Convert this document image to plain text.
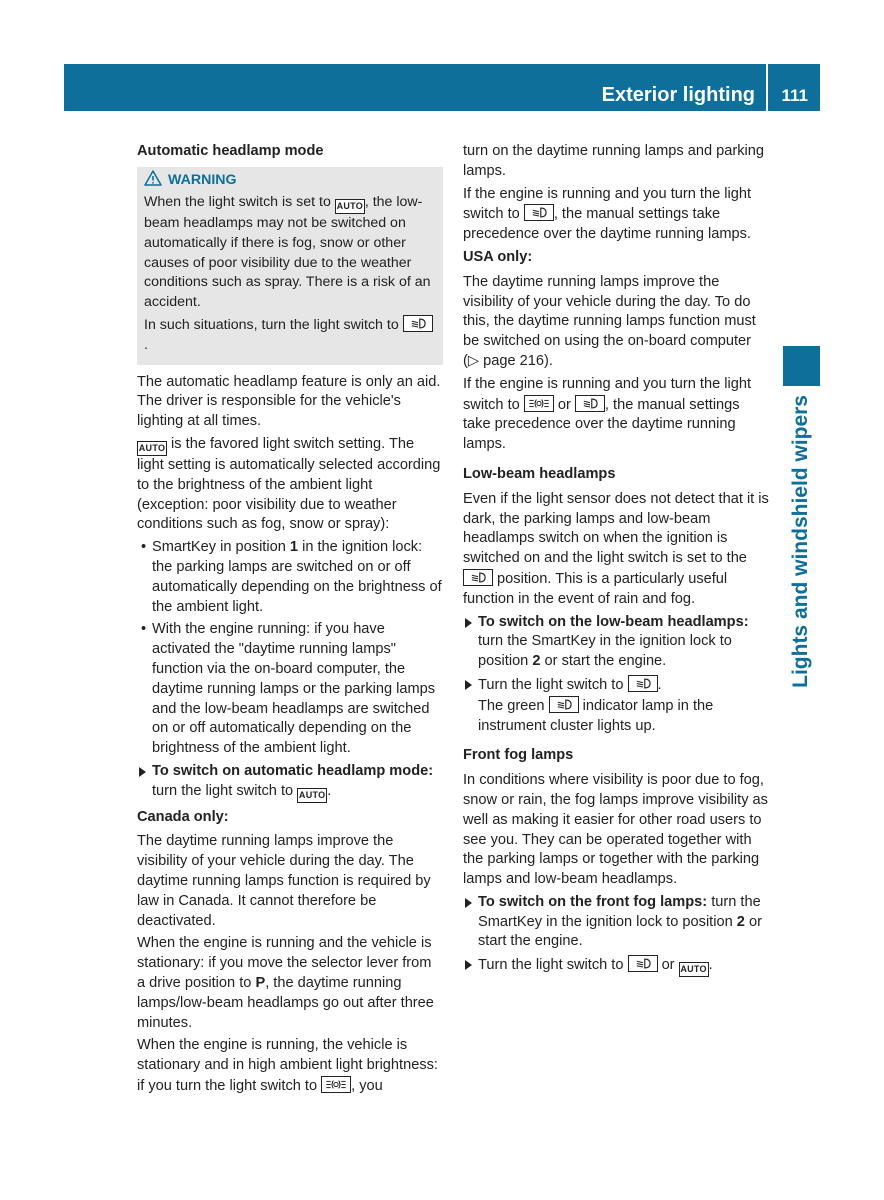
Exterior lighting 111
Lights and windshield wipers

Automatic headlamp mode

WARNING

When the light switch is set to AUTO , the low-beam headlamps may not be switched on automatically if there is fog, snow or other causes of poor visibility due to the weather conditions such as spray. There is a risk of an accident.

In such situations, turn the light switch to
.

The automatic headlamp feature is only an aid. The driver is responsible for the vehicle's lighting at all times.

AUTO is the favored light switch setting. The light setting is automatically selected according to the brightness of the ambient light (exception: poor visibility due to weather conditions such as fog, snow or spray):

• SmartKey in position 1 in the ignition lock: the parking lamps are switched on or off automatically depending on the brightness of the ambient light.
• With the engine running: if you have activated the "daytime running lamps" function via the on-board computer, the daytime running lamps or the parking lamps and the low-beam headlamps are switched on or off automatically depending on the brightness of the ambient light.
To switch on automatic headlamp mode: turn the light switch to AUTO .

Canada only:

The daytime running lamps improve the visibility of your vehicle during the day. The daytime running lamps function is required by law in Canada. It cannot therefore be deactivated.

When the engine is running and the vehicle is stationary: if you move the selector lever from a drive position to P, the daytime running lamps/low-beam headlamps go out after three minutes.

When the engine is running, the vehicle is stationary and in high ambient light brightness: if you turn the light switch to
, you

turn on the daytime running lamps and parking lamps.

If the engine is running and you turn the light switch to
, the manual settings take precedence over the daytime running lamps.

USA only:

The daytime running lamps improve the visibility of your vehicle during the day. To do this, the daytime running lamps function must be switched on using the on-board computer (▷ page 216).

If the engine is running and you turn the light switch to
or
, the manual settings take precedence over the daytime running lamps.

Low-beam headlamps

Even if the light sensor does not detect that it is dark, the parking lamps and low-beam headlamps switch on when the ignition is switched on and the light switch is set to the
position. This is a particularly useful function in the event of rain and fog.

To switch on the low-beam headlamps: turn the SmartKey in the ignition lock to position 2 or start the engine.
Turn the light switch to
.
The green
indicator lamp in the instrument cluster lights up.

Front fog lamps

In conditions where visibility is poor due to fog, snow or rain, the fog lamps improve visibility as well as making it easier for other road users to see you. They can be operated together with the parking lamps or together with the parking lamps and low-beam headlamps.

To switch on the front fog lamps: turn the SmartKey in the ignition lock to position 2 or start the engine.
Turn the light switch to
or AUTO .
